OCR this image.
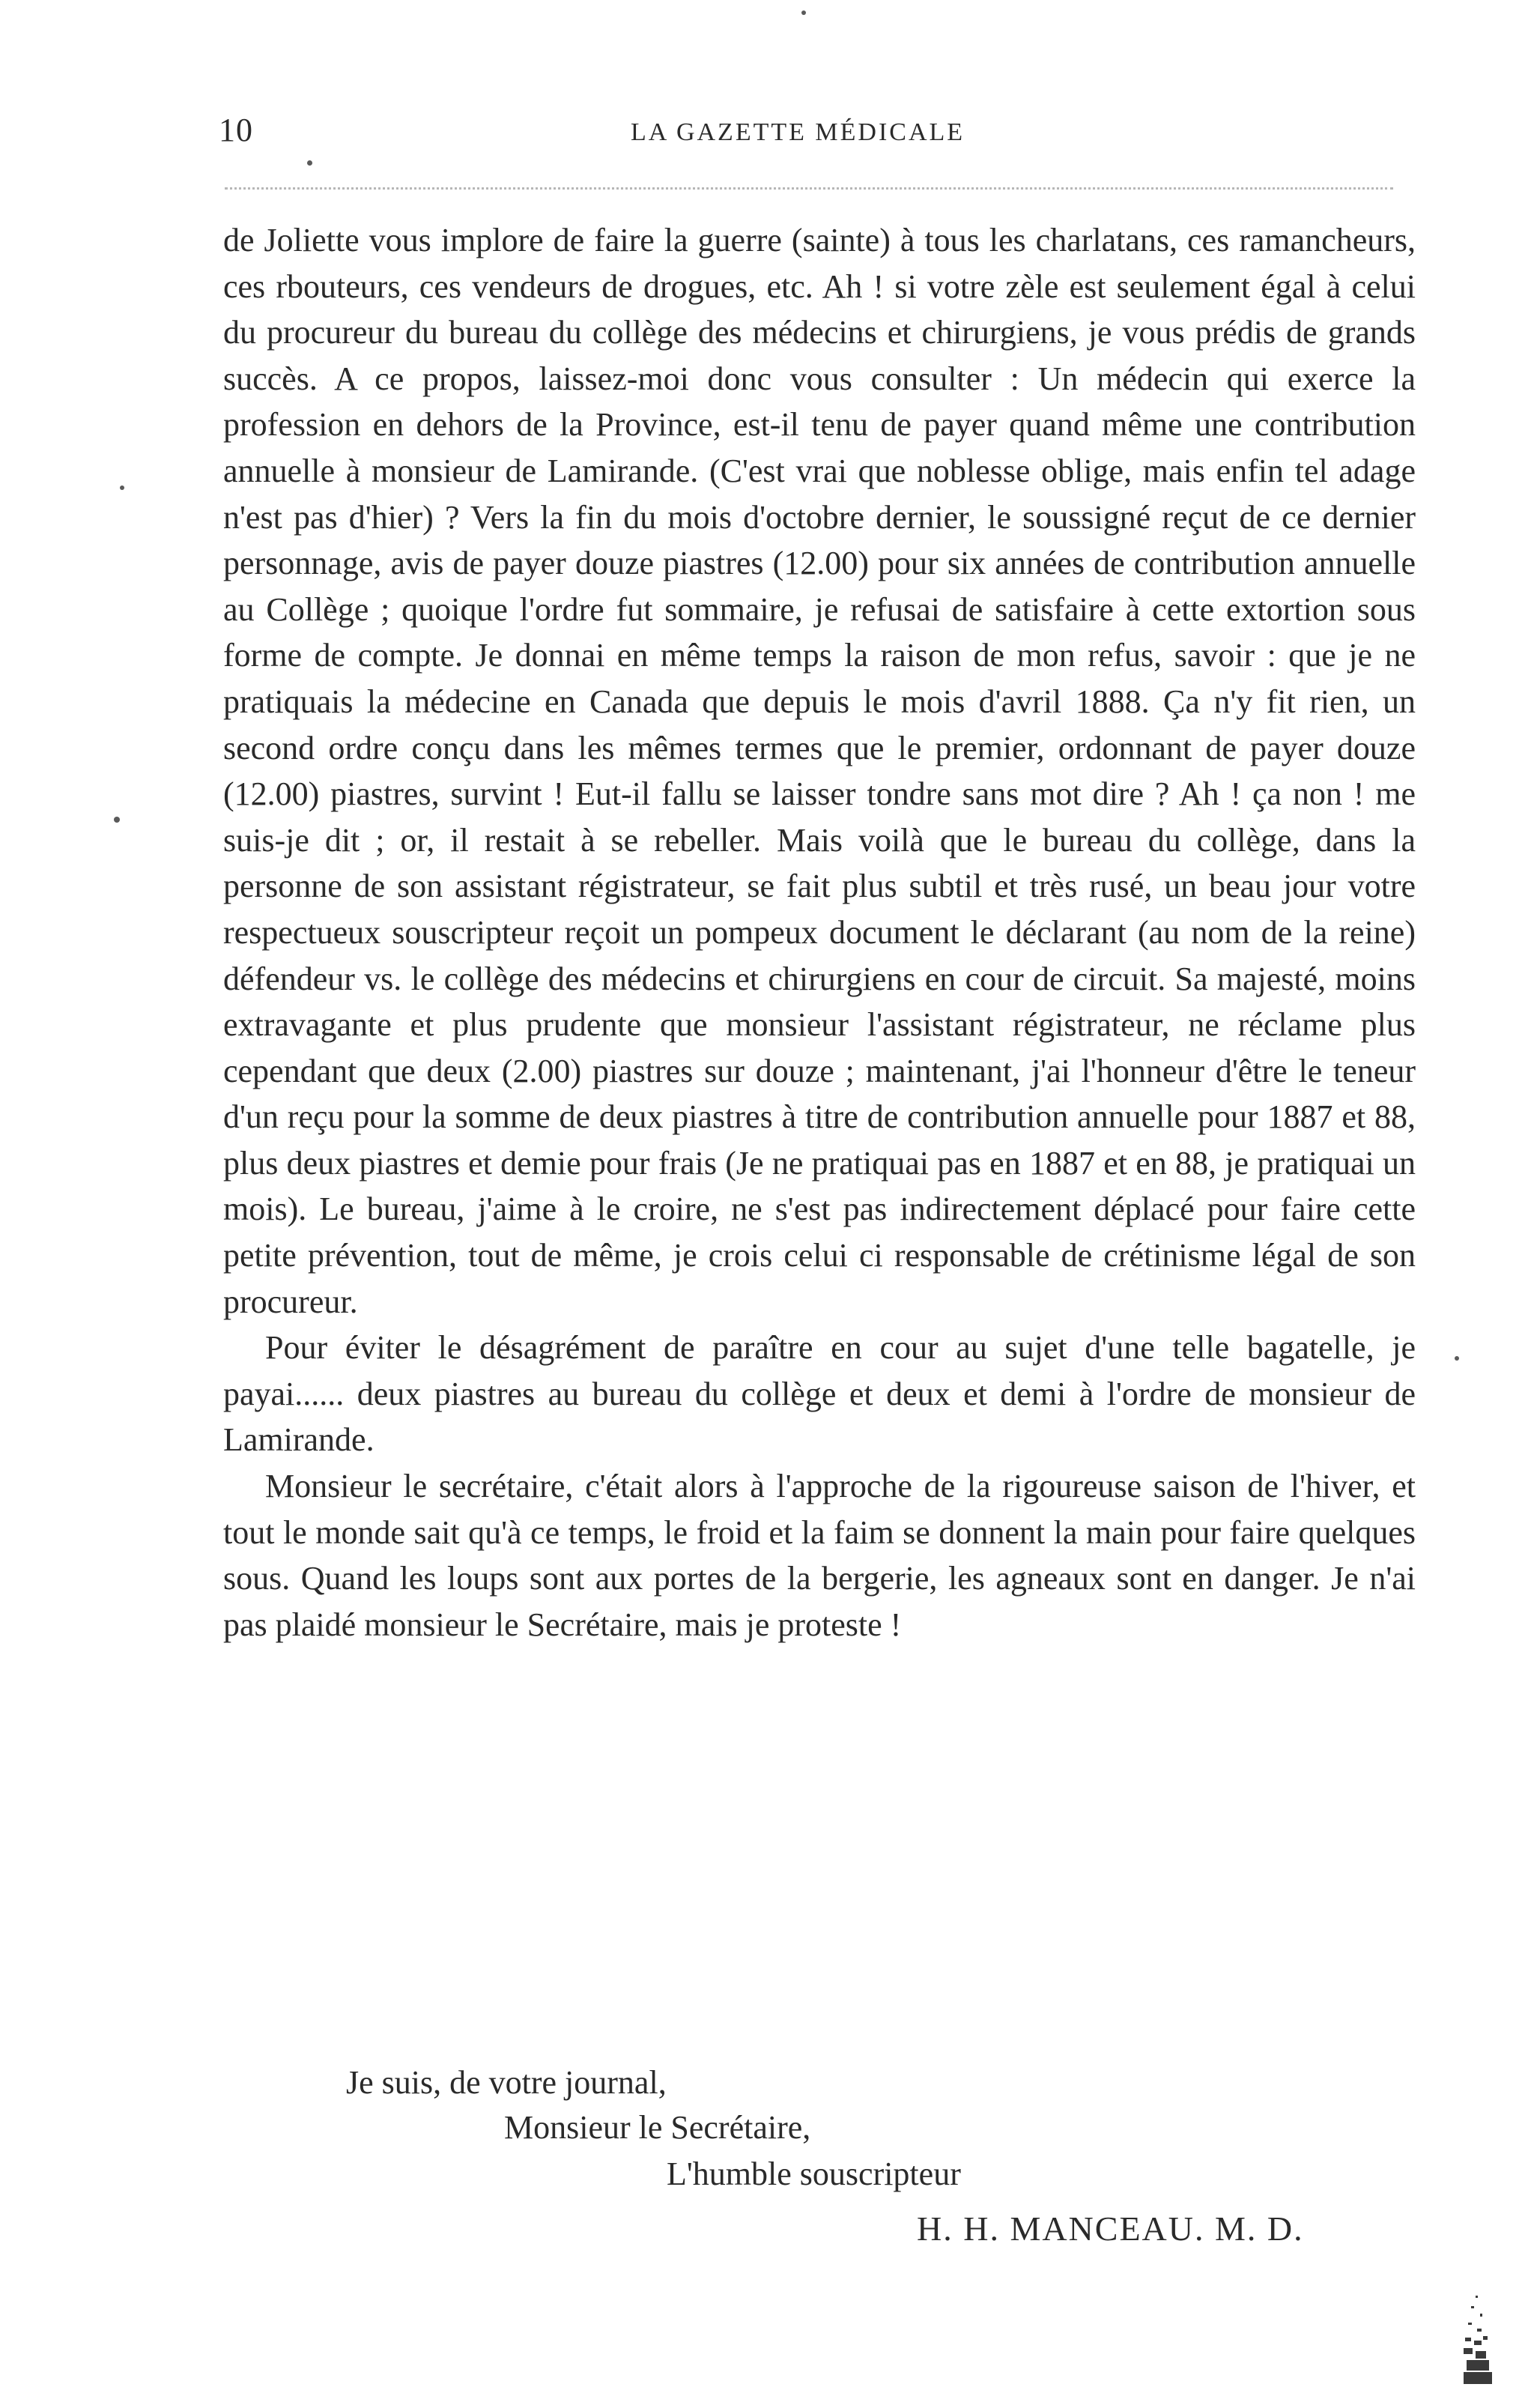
10	LA GAZETTE MÉDICALE

de Joliette vous implore de faire la guerre (sainte) à tous les charlatans, ces ramancheurs, ces rbouteurs, ces vendeurs de drogues, etc. Ah ! si votre zèle est seulement égal à celui du procureur du bureau du collège des médecins et chirurgiens, je vous prédis de grands succès. A ce propos, laissez-moi donc vous consulter : Un médecin qui exerce la profession en dehors de la Province, est-il tenu de payer quand même une contribution annuelle à monsieur de Lamirande. (C'est vrai que noblesse oblige, mais enfin tel adage n'est pas d'hier) ? Vers la fin du mois d'octobre dernier, le soussigné reçut de ce dernier personnage, avis de payer douze piastres (12.00) pour six années de contribution annuelle au Collège ; quoique l'ordre fut sommaire, je refusai de satisfaire à cette extortion sous forme de compte. Je donnai en même temps la raison de mon refus, savoir : que je ne pratiquais la médecine en Canada que depuis le mois d'avril 1888. Ça n'y fit rien, un second ordre conçu dans les mêmes termes que le premier, ordonnant de payer douze (12.00) piastres, survint ! Eut-il fallu se laisser tondre sans mot dire ? Ah ! ça non ! me suis-je dit ; or, il restait à se rebeller. Mais voilà que le bureau du collège, dans la personne de son assistant régistrateur, se fait plus subtil et très rusé, un beau jour votre respectueux souscripteur reçoit un pompeux document le déclarant (au nom de la reine) défendeur vs. le collège des médecins et chirurgiens en cour de circuit. Sa majesté, moins extravagante et plus prudente que monsieur l'assistant régistrateur, ne réclame plus cependant que deux (2.00) piastres sur douze ; maintenant, j'ai l'honneur d'être le teneur d'un reçu pour la somme de deux piastres à titre de contribution annuelle pour 1887 et 88, plus deux piastres et demie pour frais (Je ne pratiquai pas en 1887 et en 88, je pratiquai un mois). Le bureau, j'aime à le croire, ne s'est pas indirectement déplacé pour faire cette petite prévention, tout de même, je crois celui ci responsable de crétinisme légal de son procureur.

Pour éviter le désagrément de paraître en cour au sujet d'une telle bagatelle, je payai...... deux piastres au bureau du collège et deux et demi à l'ordre de monsieur de Lamirande.

Monsieur le secrétaire, c'était alors à l'approche de la rigoureuse saison de l'hiver, et tout le monde sait qu'à ce temps, le froid et la faim se donnent la main pour faire quelques sous. Quand les loups sont aux portes de la bergerie, les agneaux sont en danger. Je n'ai pas plaidé monsieur le Secrétaire, mais je proteste !

Je suis, de votre journal,
Monsieur le Secrétaire,
L'humble souscripteur
H. H. MANCEAU. M. D.
